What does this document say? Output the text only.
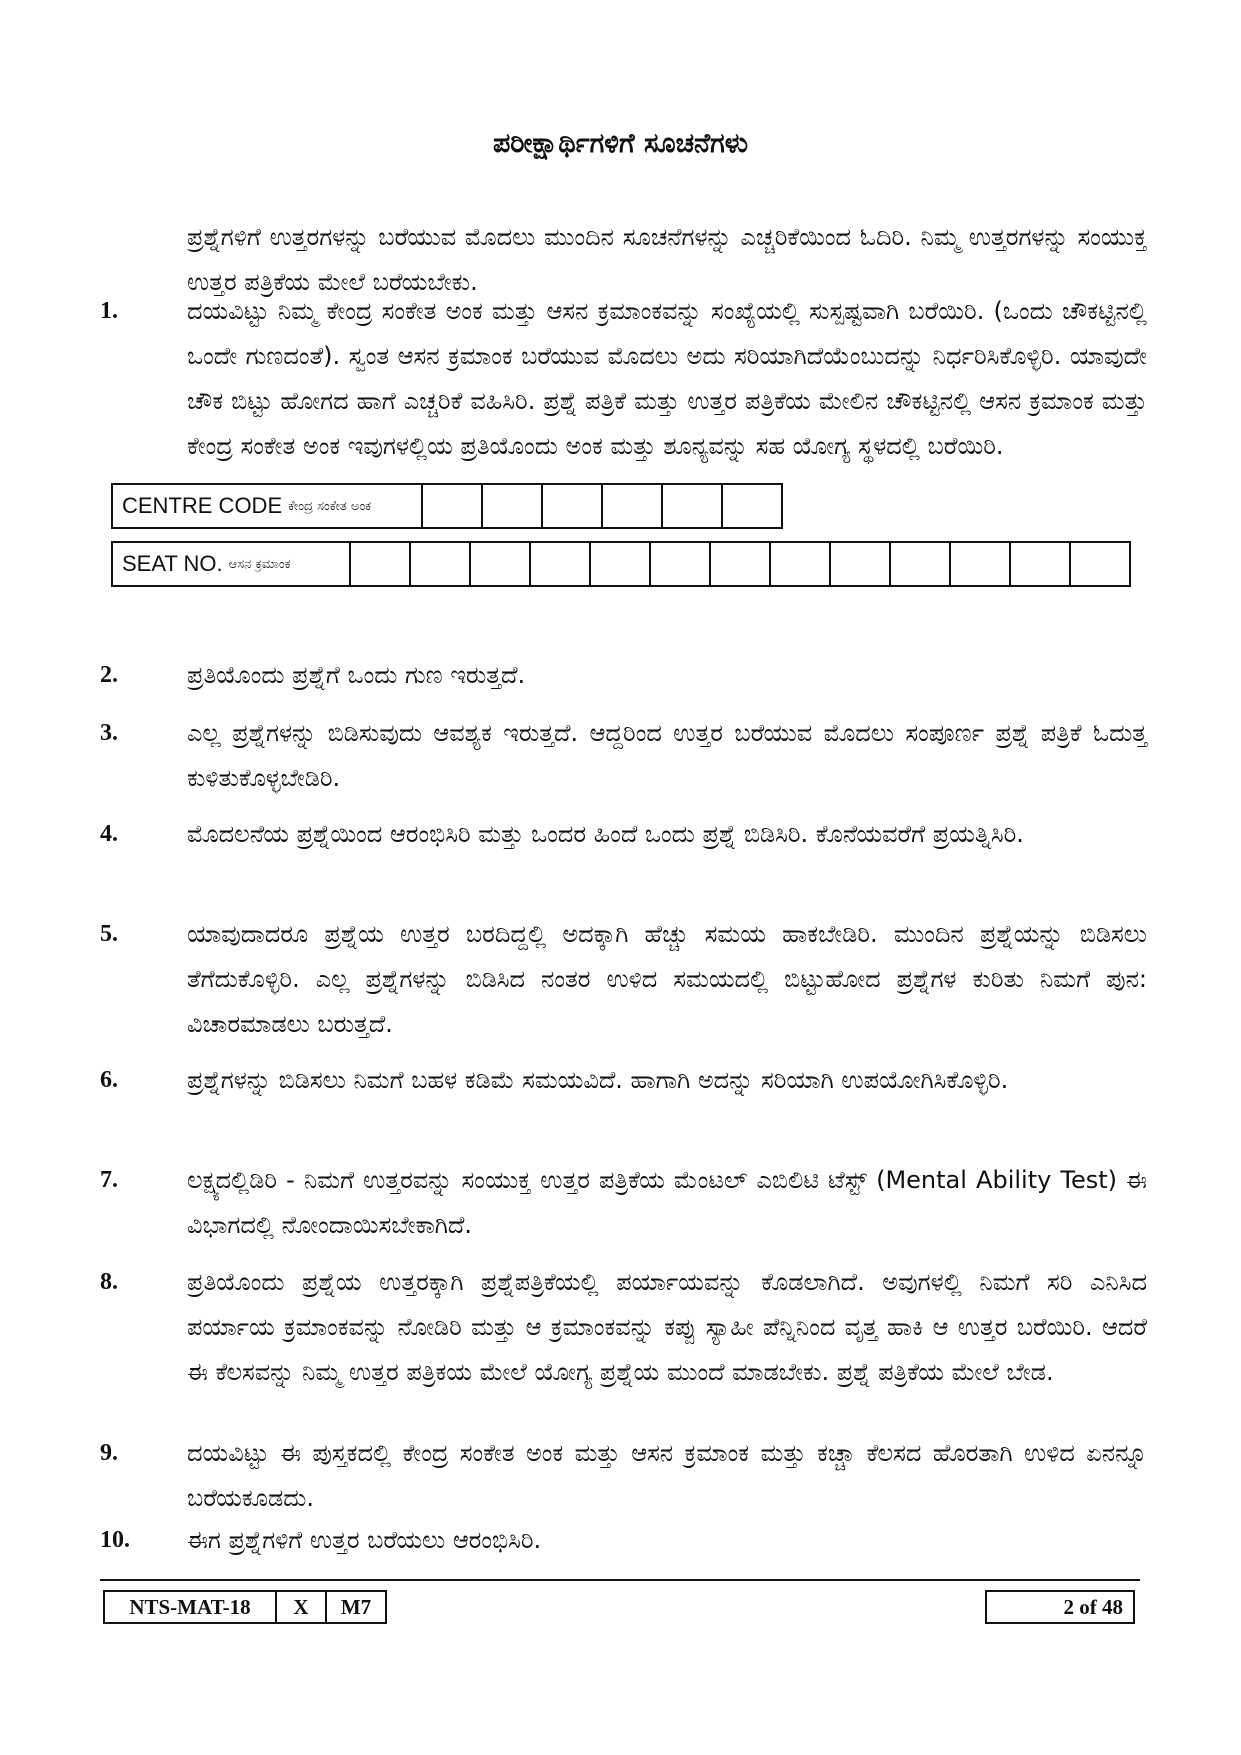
ಪರೀಕ್ಷಾರ್ಥಿಗಳಿಗೆ ಸೂಚನೆಗಳು
ಪ್ರಶ್ನೆಗಳಿಗೆ ಉತ್ತರಗಳನ್ನು ಬರೆಯುವ ಮೊದಲು ಮುಂದಿನ ಸೂಚನೆಗಳನ್ನು ಎಚ್ಚರಿಕೆಯಿಂದ ಓದಿರಿ. ನಿಮ್ಮ ಉತ್ತರಗಳನ್ನು ಸಂಯುಕ್ತ ಉತ್ತರ ಪತ್ರಿಕೆಯ ಮೇಲೆ ಬರೆಯಬೇಕು.
1.	ದಯವಿಟ್ಟು ನಿಮ್ಮ ಕೇಂದ್ರ ಸಂಕೇತ ಅಂಕ ಮತ್ತು ಆಸನ ಕ್ರಮಾಂಕವನ್ನು ಸಂಖ್ಯೆಯಲ್ಲಿ ಸುಸ್ಪಷ್ಟವಾಗಿ ಬರೆಯಿರಿ. (ಒಂದು ಚೌಕಟ್ಟಿನಲ್ಲಿ ಒಂದೇ ಗುಣದಂತೆ). ಸ್ವಂತ ಆಸನ ಕ್ರಮಾಂಕ ಬರೆಯುವ ಮೊದಲು ಅದು ಸರಿಯಾಗಿದೆಯೆಂಬುದನ್ನು ನಿರ್ಧರಿಸಿಕೊಳ್ಳಿರಿ. ಯಾವುದೇ ಚೌಕ ಬಿಟ್ಟು ಹೋಗದ ಹಾಗೆ ಎಚ್ಚರಿಕೆ ವಹಿಸಿರಿ. ಪ್ರಶ್ನೆ ಪತ್ರಿಕೆ ಮತ್ತು ಉತ್ತರ ಪತ್ರಿಕೆಯ ಮೇಲಿನ ಚೌಕಟ್ಟಿನಲ್ಲಿ ಆಸನ ಕ್ರಮಾಂಕ ಮತ್ತು ಕೇಂದ್ರ ಸಂಕೇತ ಅಂಕ ಇವುಗಳಲ್ಲಿಯ ಪ್ರತಿಯೊಂದು ಅಂಕ ಮತ್ತು ಶೂನ್ಯವನ್ನು ಸಹ ಯೋಗ್ಯ ಸ್ಥಳದಲ್ಲಿ ಬರೆಯಿರಿ.
CENTRE CODE ಕೇಂದ್ರ ಸಂಕೇತ ಅಂಕ
SEAT NO. ಆಸನ ಕ್ರಮಾಂಕ
2.	ಪ್ರತಿಯೊಂದು ಪ್ರಶ್ನೆಗೆ ಒಂದು ಗುಣ ಇರುತ್ತದೆ.
3.	ಎಲ್ಲ ಪ್ರಶ್ನೆಗಳನ್ನು ಬಿಡಿಸುವುದು ಆವಶ್ಯಕ ಇರುತ್ತದೆ. ಆದ್ದರಿಂದ ಉತ್ತರ ಬರೆಯುವ ಮೊದಲು ಸಂಪೂರ್ಣ ಪ್ರಶ್ನೆ ಪತ್ರಿಕೆ ಓದುತ್ತ ಕುಳಿತುಕೊಳ್ಳಬೇಡಿರಿ.
4.	ಮೊದಲನೆಯ ಪ್ರಶ್ನೆಯಿಂದ ಆರಂಭಿಸಿರಿ ಮತ್ತು ಒಂದರ ಹಿಂದೆ ಒಂದು ಪ್ರಶ್ನೆ ಬಿಡಿಸಿರಿ. ಕೊನೆಯವರೆಗೆ ಪ್ರಯತ್ನಿಸಿರಿ.
5.	ಯಾವುದಾದರೂ ಪ್ರಶ್ನೆಯ ಉತ್ತರ ಬರದಿದ್ದಲ್ಲಿ ಅದಕ್ಕಾಗಿ ಹೆಚ್ಚು ಸಮಯ ಹಾಕಬೇಡಿರಿ. ಮುಂದಿನ ಪ್ರಶ್ನೆಯನ್ನು ಬಿಡಿಸಲು ತೆಗೆದುಕೊಳ್ಳಿರಿ. ಎಲ್ಲ ಪ್ರಶ್ನೆಗಳನ್ನು ಬಿಡಿಸಿದ ನಂತರ ಉಳಿದ ಸಮಯದಲ್ಲಿ ಬಿಟ್ಟುಹೋದ ಪ್ರಶ್ನೆಗಳ ಕುರಿತು ನಿಮಗೆ ಪುನ: ವಿಚಾರಮಾಡಲು ಬರುತ್ತದೆ.
6.	ಪ್ರಶ್ನೆಗಳನ್ನು ಬಿಡಿಸಲು ನಿಮಗೆ ಬಹಳ ಕಡಿಮೆ ಸಮಯವಿದೆ. ಹಾಗಾಗಿ ಅದನ್ನು ಸರಿಯಾಗಿ ಉಪಯೋಗಿಸಿಕೊಳ್ಳಿರಿ.
7.	ಲಕ್ಷ್ಯದಲ್ಲಿಡಿರಿ - ನಿಮಗೆ ಉತ್ತರವನ್ನು ಸಂಯುಕ್ತ ಉತ್ತರ ಪತ್ರಿಕೆಯ ಮೆಂಟಲ್ ಎಬಿಲಿಟಿ ಟೆಸ್ಟ್ (Mental Ability Test) ಈ ವಿಭಾಗದಲ್ಲಿ ನೋಂದಾಯಿಸಬೇಕಾಗಿದೆ.
8.	ಪ್ರತಿಯೊಂದು ಪ್ರಶ್ನೆಯ ಉತ್ತರಕ್ಕಾಗಿ ಪ್ರಶ್ನೆಪತ್ರಿಕೆಯಲ್ಲಿ ಪರ್ಯಾಯವನ್ನು ಕೊಡಲಾಗಿದೆ. ಅವುಗಳಲ್ಲಿ ನಿಮಗೆ ಸರಿ ಎನಿಸಿದ ಪರ್ಯಾಯ ಕ್ರಮಾಂಕವನ್ನು ನೋಡಿರಿ ಮತ್ತು ಆ ಕ್ರಮಾಂಕವನ್ನು ಕಪ್ಪು ಸ್ಯಾಹೀ ಪೆನ್ನಿನಿಂದ ವೃತ್ತ ಹಾಕಿ ಆ ಉತ್ತರ ಬರೆಯಿರಿ. ಆದರೆ ಈ ಕೆಲಸವನ್ನು ನಿಮ್ಮ ಉತ್ತರ ಪತ್ರಿಕಯ ಮೇಲೆ ಯೋಗ್ಯ ಪ್ರಶ್ನೆಯ ಮುಂದೆ ಮಾಡಬೇಕು. ಪ್ರಶ್ನೆ ಪತ್ರಿಕೆಯ ಮೇಲೆ ಬೇಡ.
9.	ದಯವಿಟ್ಟು ಈ ಪುಸ್ತಕದಲ್ಲಿ ಕೇಂದ್ರ ಸಂಕೇತ ಅಂಕ ಮತ್ತು ಆಸನ ಕ್ರಮಾಂಕ ಮತ್ತು ಕಚ್ಚಾ ಕೆಲಸದ ಹೊರತಾಗಿ ಉಳಿದ ಏನನ್ನೂ ಬರೆಯಕೂಡದು.
10.	ಈಗ ಪ್ರಶ್ನೆಗಳಿಗೆ ಉತ್ತರ ಬರೆಯಲು ಆರಂಭಿಸಿರಿ.
NTS-MAT-18	X	M7	2 of 48
